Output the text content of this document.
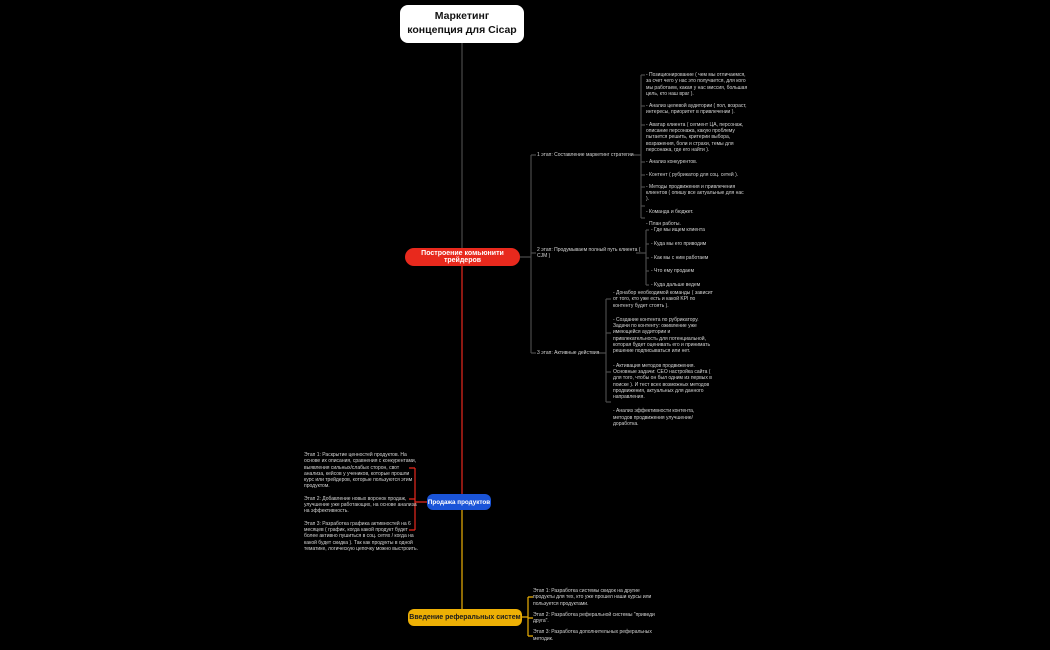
Маркетинг концепция для Cicap
Построение комьюнити трейдеров
1 этап: Составление маркетинг стратегии

- Позиционирование ( чем мы отличаемся, за счет чего у нас это получается, для кого мы работаем, какая у нас миссия, большая цель, кто наш враг ).

- Анализ целевой аудитории ( пол, возраст, интересы, приоритет в привлечении ).

- Аватар клиента ( сегмент ЦА, персонаж, описание персонажа, какую проблему пытается решить, критерии выбора, возражения, боли и страхи, темы для персонажа, где его найти ).

- Анализ конкурентов.

- Контент ( рубрикатор для соц. сетей ).

- Методы продвижения и привлечения клиентов ( опишу все актуальные для нас ).

- Команда и бюджет.

- План работы.

2 этап: Продумываем полный путь клиента ( CJM )

- Где мы ищем клиента

- Куда мы его приводим

- Как мы с ним работаем

- Что ему продаем

- Куда дальше ведем

3 этап: Активные действия

- Донабор необходимой команды ( зависит от того, кто уже есть и какой KPI по контенту будет стоять ).

- Создание контента по рубрикатору. Задачи по контенту: оживление уже имеющейся аудитории и привлекательность для потенциальной, которая будет оценивать его и принимать решение подписываться или нет.

- Активация методов продвижения. Основные задачи: СЕО настройка сайта ( для того, чтобы он был одним из первых в поиске ). И тест всех возможных методов продвижения, актуальных для данного направления.

- Анализ эффективности контента, методов продвижения улучшение/доработка.

Продажа продуктов

Этап 1: Раскрытие ценностей продуктов. На основе их описания, сравнения с конкурентами, выявления сильных/слабых сторон, свот анализа, кейсов у учеников, которые прошли курс или трейдеров, которые пользуются этим продуктом.

Этап 2: Добавление новых воронок продаж, улучшение уже работающих, на основе анализа на эффективность.

Этап 3: Разработка графика активностей на 6 месяцев ( график, когда какой продукт будет более активно пушиться в соц. сетях / когда на какой будет скидка ). Так как продукты в одной тематике, логическую цепочку можно выстроить.

Введение реферальных систем

Этап 1: Разработка системы скидок на другие продукты для тех, кто уже прошел наши курсы или пользуется продуктами.

Этап 2: Разработка реферальной системы "приведи друга".

Этап 3: Разработка дополнительных реферальных методик.
